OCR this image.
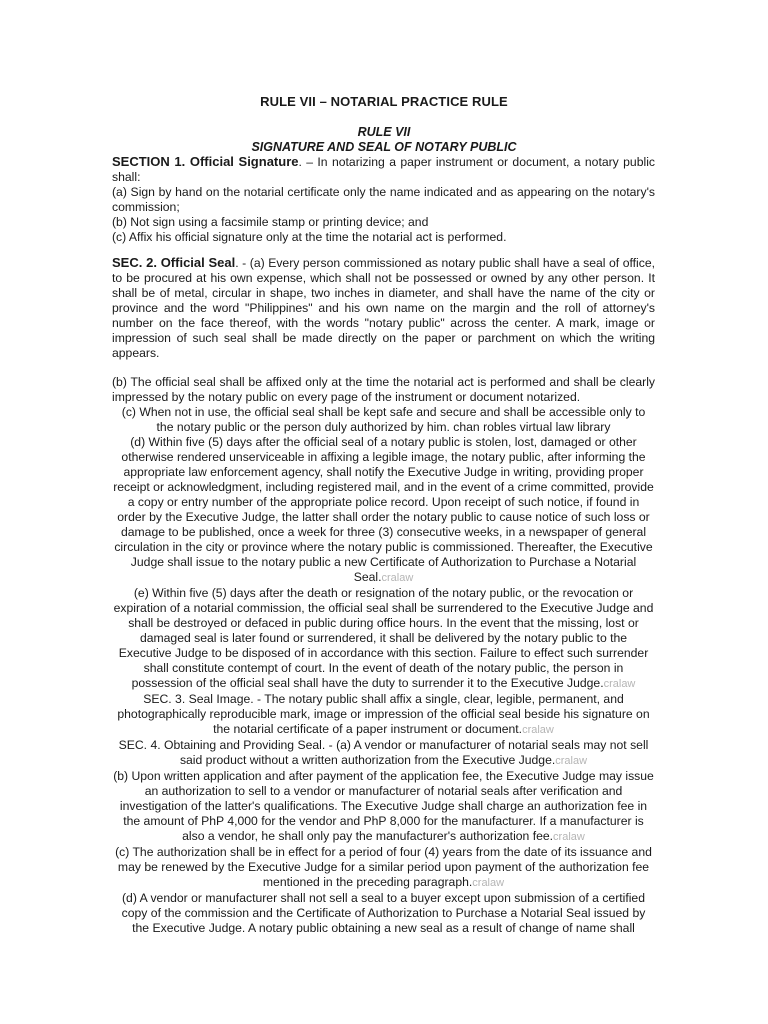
RULE VII – NOTARIAL PRACTICE RULE
RULE VII
SIGNATURE AND SEAL OF NOTARY PUBLIC

SECTION 1. Official Signature. – In notarizing a paper instrument or document, a notary public shall:

(a) Sign by hand on the notarial certificate only the name indicated and as appearing on the notary's commission;

(b) Not sign using a facsimile stamp or printing device; and

(c) Affix his official signature only at the time the notarial act is performed.

SEC. 2. Official Seal. - (a) Every person commissioned as notary public shall have a seal of office, to be procured at his own expense, which shall not be possessed or owned by any other person. It shall be of metal, circular in shape, two inches in diameter, and shall have the name of the city or province and the word "Philippines" and his own name on the margin and the roll of attorney's number on the face thereof, with the words "notary public" across the center. A mark, image or impression of such seal shall be made directly on the paper or parchment on which the writing appears.

(b) The official seal shall be affixed only at the time the notarial act is performed and shall be clearly impressed by the notary public on every page of the instrument or document notarized.

(c) When not in use, the official seal shall be kept safe and secure and shall be accessible only to the notary public or the person duly authorized by him. chan robles virtual law library

(d) Within five (5) days after the official seal of a notary public is stolen, lost, damaged or other otherwise rendered unserviceable in affixing a legible image, the notary public, after informing the appropriate law enforcement agency, shall notify the Executive Judge in writing, providing proper receipt or acknowledgment, including registered mail, and in the event of a crime committed, provide a copy or entry number of the appropriate police record. Upon receipt of such notice, if found in order by the Executive Judge, the latter shall order the notary public to cause notice of such loss or damage to be published, once a week for three (3) consecutive weeks, in a newspaper of general circulation in the city or province where the notary public is commissioned. Thereafter, the Executive Judge shall issue to the notary public a new Certificate of Authorization to Purchase a Notarial Seal.cralaw

(e) Within five (5) days after the death or resignation of the notary public, or the revocation or expiration of a notarial commission, the official seal shall be surrendered to the Executive Judge and shall be destroyed or defaced in public during office hours. In the event that the missing, lost or damaged seal is later found or surrendered, it shall be delivered by the notary public to the Executive Judge to be disposed of in accordance with this section. Failure to effect such surrender shall constitute contempt of court. In the event of death of the notary public, the person in possession of the official seal shall have the duty to surrender it to the Executive Judge.cralaw

SEC. 3. Seal Image. - The notary public shall affix a single, clear, legible, permanent, and photographically reproducible mark, image or impression of the official seal beside his signature on the notarial certificate of a paper instrument or document.cralaw

SEC. 4. Obtaining and Providing Seal. - (a) A vendor or manufacturer of notarial seals may not sell said product without a written authorization from the Executive Judge.cralaw

(b) Upon written application and after payment of the application fee, the Executive Judge may issue an authorization to sell to a vendor or manufacturer of notarial seals after verification and investigation of the latter's qualifications. The Executive Judge shall charge an authorization fee in the amount of PhP 4,000 for the vendor and PhP 8,000 for the manufacturer. If a manufacturer is also a vendor, he shall only pay the manufacturer's authorization fee.cralaw

(c) The authorization shall be in effect for a period of four (4) years from the date of its issuance and may be renewed by the Executive Judge for a similar period upon payment of the authorization fee mentioned in the preceding paragraph.cralaw

(d) A vendor or manufacturer shall not sell a seal to a buyer except upon submission of a certified copy of the commission and the Certificate of Authorization to Purchase a Notarial Seal issued by the Executive Judge. A notary public obtaining a new seal as a result of change of name shall
